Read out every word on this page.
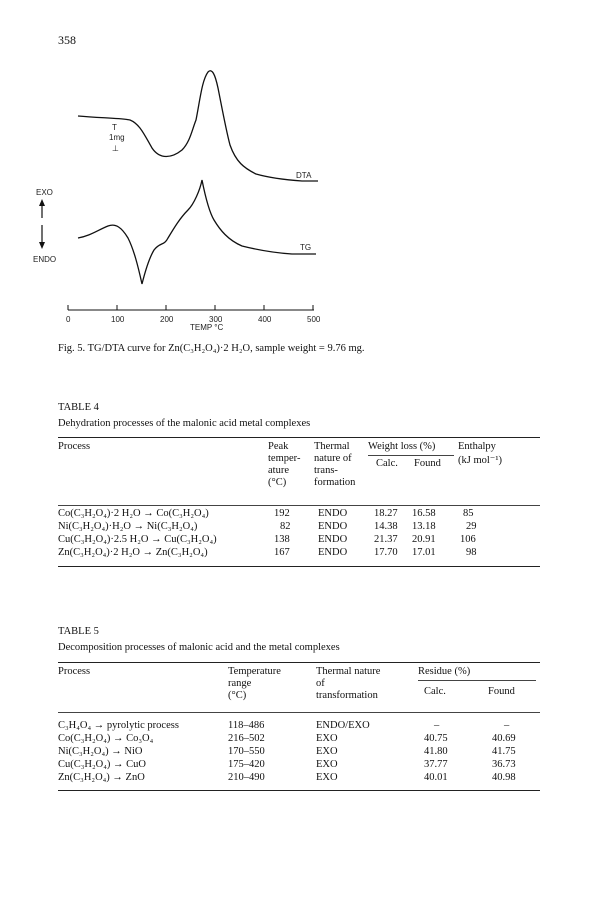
358
T
1mg
⊥
EXO
ENDO
DTA
TG
0	100	200	300	400	500
TEMP °C
Fig. 5. TG/DTA curve for Zn(C₃H₂O₄)·2 H₂O, sample weight = 9.76 mg.
TABLE 4
Dehydration processes of the malonic acid metal complexes
Process	Peak
temper-
ature
(°C)
Thermal
nature of
trans-
formation
Weight loss (%)
Calc. Found
Enthalpy
(kJ mol⁻¹)
Co(C₃H₂O₄)·2 H₂O → Co(C₃H₂O₄)	192	ENDO	18.27 16.58	85
Ni(C₃H₂O₄)·H₂O → Ni(C₃H₂O₄)	82	ENDO	14.38 13.18	29
Cu(C₃H₂O₄)·2.5 H₂O → Cu(C₃H₂O₄)	138	ENDO	21.37 20.91 106
Zn(C₃H₂O₄)·2 H₂O → Zn(C₃H₂O₄)	167	ENDO	17.70 17.01	98
TABLE 5
Decomposition processes of malonic acid and the metal complexes
Process	Temperature
range
(°C)
Thermal nature
of
transformation
Residue (%)
Calc.	Found
C₃H₄O₄ → pyrolytic process	118–486	ENDO/EXO	–	–
Co(C₃H₂O₄) → Co₃O₄	216–502	EXO	40.75	40.69
Ni(C₃H₂O₄) → NiO	170–550	EXO	41.80	41.75
Cu(C₃H₂O₄) → CuO	175–420	EXO	37.77	36.73
Zn(C₃H₂O₄) → ZnO	210–490	EXO	40.01	40.98
